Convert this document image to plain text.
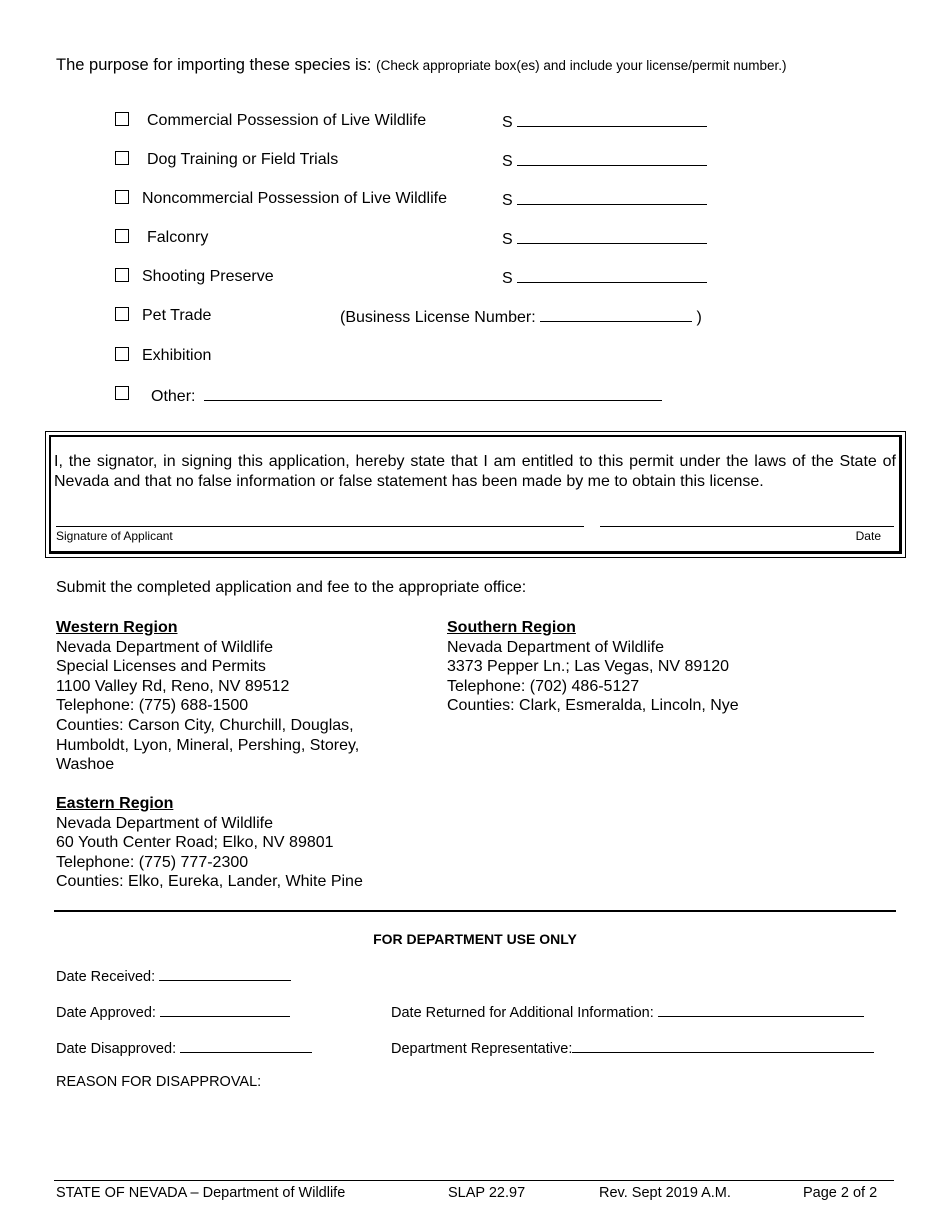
The purpose for importing these species is: (Check appropriate box(es) and include your license/permit number.)
Commercial Possession of Live Wildlife	S
Dog Training or Field Trials	S
Noncommercial Possession of Live Wildlife	S
Falconry	S
Shooting Preserve	S
Pet Trade	(Business License Number:	)
Exhibition
Other:
I, the signator, in signing this application, hereby state that I am entitled to this permit under the laws of the State of Nevada and that no false information or false statement has been made by me to obtain this license.
Signature of Applicant	Date
Submit the completed application and fee to the appropriate office:
Western Region
Nevada Department of Wildlife
Special Licenses and Permits
1100 Valley Rd, Reno, NV 89512
Telephone: (775) 688-1500
Counties: Carson City, Churchill, Douglas,
Humboldt, Lyon, Mineral, Pershing, Storey,
Washoe
Southern Region
Nevada Department of Wildlife
3373 Pepper Ln.; Las Vegas, NV 89120
Telephone: (702) 486-5127
Counties: Clark, Esmeralda, Lincoln, Nye
Eastern Region
Nevada Department of Wildlife
60 Youth Center Road; Elko, NV 89801
Telephone: (775) 777-2300
Counties: Elko, Eureka, Lander, White Pine
FOR DEPARTMENT USE ONLY
Date Received:
Date Approved:	Date Returned for Additional Information:
Date Disapproved:	Department Representative:
REASON FOR DISAPPROVAL:
STATE OF NEVADA – Department of Wildlife	SLAP 22.97	Rev. Sept 2019 A.M.	Page 2 of 2
